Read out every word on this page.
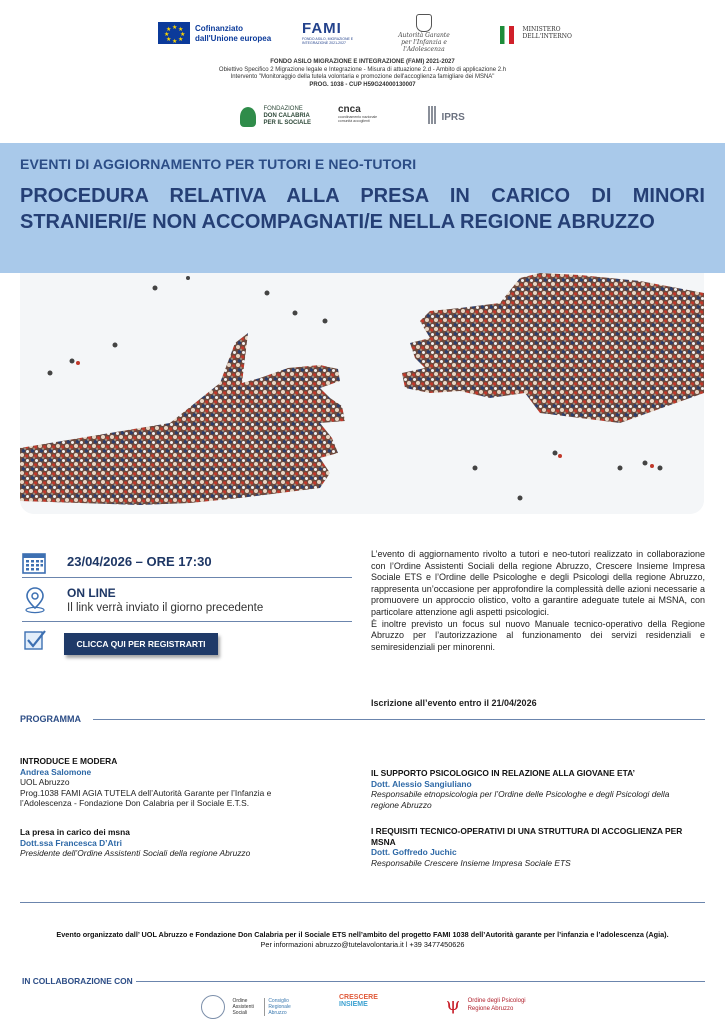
★ ★
★
★
★
★
★
★	Cofinanziato
dall'Unione europea
FAMI
FONDO ASILO, MIGRAZIONE E
INTEGRAZIONE 2021-2027
Autorità Garante
per l'Infanzia e l'Adolescenza

MINISTERO
DELL'INTERNO
FONDO ASILO MIGRAZIONE E INTEGRAZIONE (FAMI) 2021-2027
Obiettivo Specifico 2 Migrazione legale e Integrazione - Misura di attuazione 2.d - Ambito di applicazione 2.h
Intervento "Monitoraggio della tutela volontaria e promozione dell'accoglienza famigliare dei MSNA"
PROG. 1038 - CUP H59G24000130007

FONDAZIONE
DON CALABRIA
PER IL SOCIALE
cnca
coordinamento nazionale
comunità accoglienti	IPRS
EVENTI DI AGGIORNAMENTO PER TUTORI E NEO-TUTORI
PROCEDURA RELATIVA ALLA PRESA IN CARICO DI MINORI
STRANIERI/E NON ACCOMPAGNATI/E NELLA REGIONE ABRUZZO
23/04/2026 – ORE 17:30
ON LINE
Il link verrà inviato il giorno precedente
CLICCA QUI PER REGISTRARTI

L’evento di aggiornamento rivolto a tutori e neo-tutori realizzato in collaborazione con l’Ordine Assistenti Sociali della regione Abruzzo, Crescere Insieme Impresa Sociale ETS e l’Ordine delle Psicologhe e degli Psicologi della regione Abruzzo, rappresenta un’occasione per approfondire la complessità delle azioni necessarie a promuovere un approccio olistico, volto a garantire adeguate tutele ai MSNA, con particolare attenzione agli aspetti psicologici.

È inoltre previsto un focus sul nuovo Manuale tecnico-operativo della Regione Abruzzo per l’autorizzazione al funzionamento dei servizi residenziali e semiresidenziali per minorenni.

Iscrizione all’evento entro il 21/04/2026
PROGRAMMA
INTRODUCE E MODERA
Andrea Salomone
UOL Abruzzo
Prog.1038 FAMI AGIA TUTELA dell’Autorità Garante per l’Infanzia e
l’Adolescenza - Fondazione Don Calabria per il Sociale E.T.S.
La presa in carico dei msna
Dott.ssa Francesca D’Atri
Presidente dell’Ordine Assistenti Sociali della regione Abruzzo
IL SUPPORTO PSICOLOGICO IN RELAZIONE ALLA GIOVANE ETA’
Dott. Alessio Sangiuliano
Responsabile etnopsicologia per l’Ordine delle Psicologhe e degli Psicologi della
regione Abruzzo
I REQUISITI TECNICO-OPERATIVI DI UNA STRUTTURA DI ACCOGLIENZA PER
MSNA
Dott. Goffredo Juchic
Responsabile Crescere Insieme Impresa Sociale ETS
Evento organizzato dall’ UOL Abruzzo e Fondazione Don Calabria per il Sociale ETS nell’ambito del progetto FAMI 1038 dell’Autorità garante per l’infanzia e l’adolescenza (Agia).
Per informazioni abruzzo@tutelavolontaria.it l +39 3477450626
IN COLLABORAZIONE CON

Ordine
Assistenti
Sociali

Consiglio
Regionale
Abruzzo
CRESCERE
INSIEME	ψ Ordine degli Psicologi
Regione Abruzzo
